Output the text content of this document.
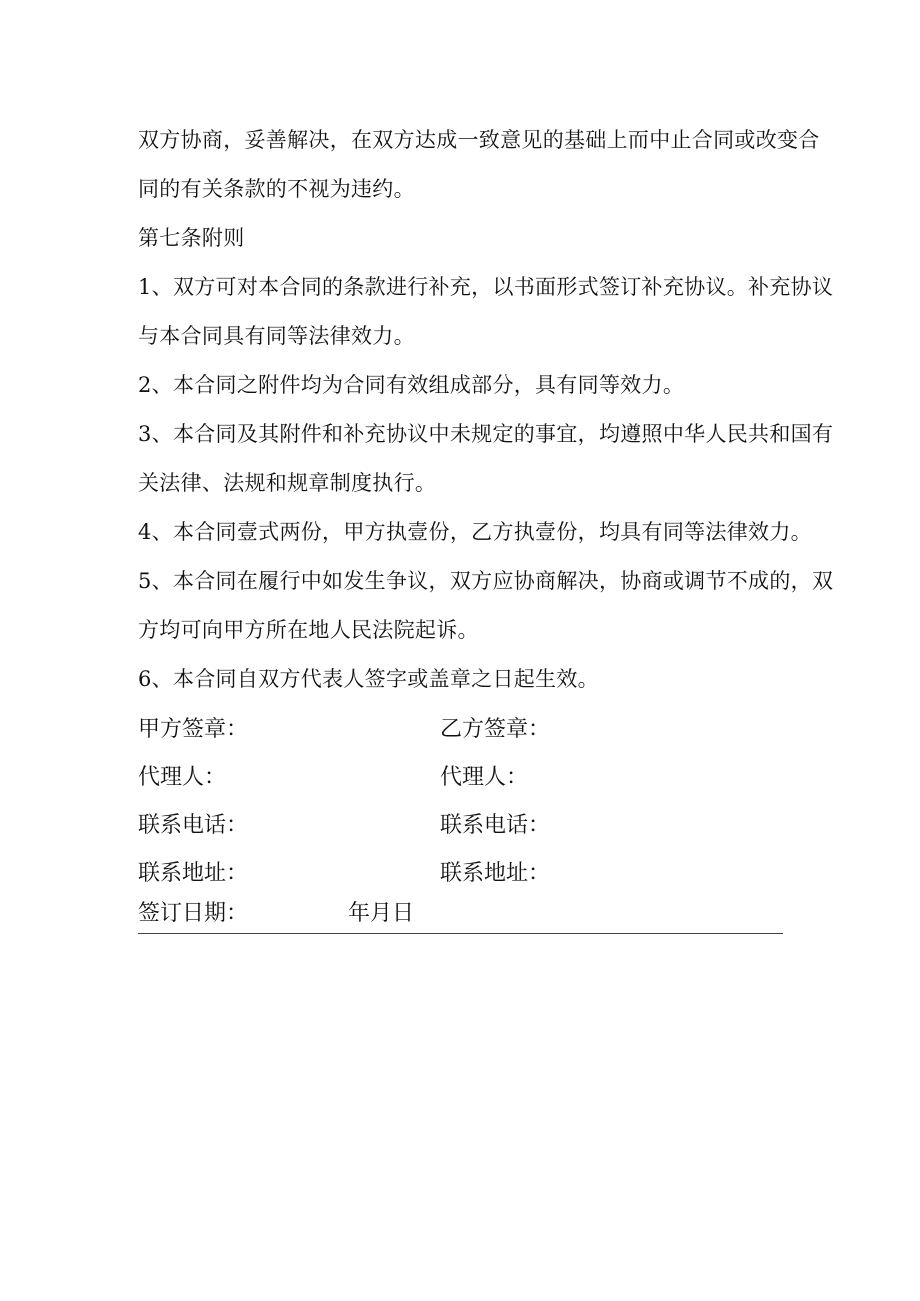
双方协商，妥善解决，在双方达成一致意见的基础上而中止合同或改变合
同的有关条款的不视为违约。
第七条附则
1、双方可对本合同的条款进行补充，以书面形式签订补充协议。补充协议
与本合同具有同等法律效力。
2、本合同之附件均为合同有效组成部分，具有同等效力。
3、本合同及其附件和补充协议中未规定的事宜，均遵照中华人民共和国有
关法律、法规和规章制度执行。
4、本合同壹式两份，甲方执壹份，乙方执壹份，均具有同等法律效力。
5、本合同在履行中如发生争议，双方应协商解决，协商或调节不成的，双
方均可向甲方所在地人民法院起诉。
6、本合同自双方代表人签字或盖章之日起生效。
甲方签章：	乙方签章：
代理人：	代理人：
联系电话：	联系电话：
联系地址：	联系地址：
签订日期：	年月日
